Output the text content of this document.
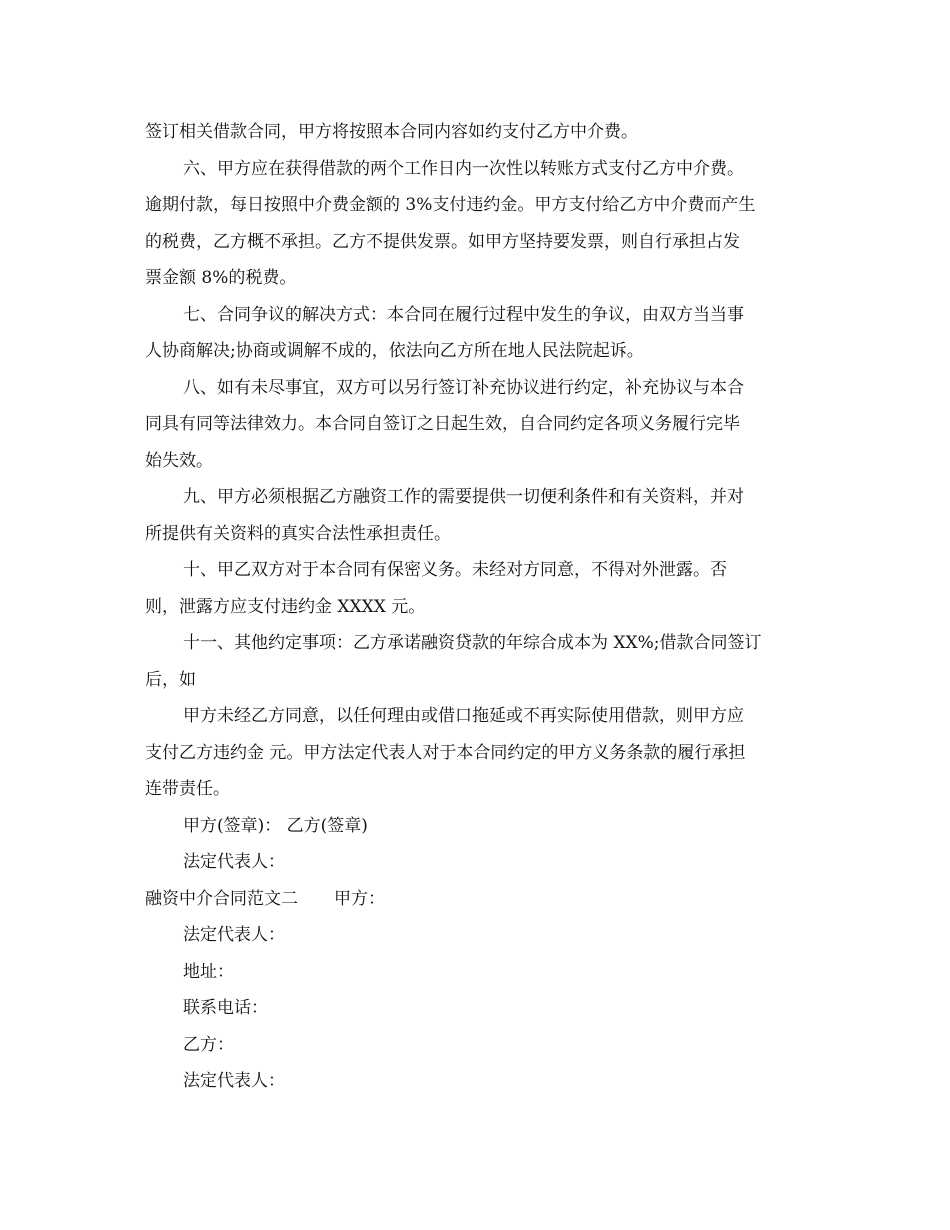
签订相关借款合同，甲方将按照本合同内容如约支付乙方中介费。
六、甲方应在获得借款的两个工作日内一次性以转账方式支付乙方中介费。
逾期付款，每日按照中介费金额的 3%支付违约金。甲方支付给乙方中介费而产生
的税费，乙方概不承担。乙方不提供发票。如甲方坚持要发票，则自行承担占发
票金额 8%的税费。
七、合同争议的解决方式：本合同在履行过程中发生的争议，由双方当当事
人协商解决;协商或调解不成的，依法向乙方所在地人民法院起诉。
八、如有未尽事宜，双方可以另行签订补充协议进行约定，补充协议与本合
同具有同等法律效力。本合同自签订之日起生效，自合同约定各项义务履行完毕
始失效。
九、甲方必须根据乙方融资工作的需要提供一切便利条件和有关资料，并对
所提供有关资料的真实合法性承担责任。
十、甲乙双方对于本合同有保密义务。未经对方同意，不得对外泄露。否
则，泄露方应支付违约金 XXXX 元。
十一、其他约定事项：乙方承诺融资贷款的年综合成本为 XX%;借款合同签订
后，如
甲方未经乙方同意，以任何理由或借口拖延或不再实际使用借款，则甲方应
支付乙方违约金 元。甲方法定代表人对于本合同约定的甲方义务条款的履行承担
连带责任。
甲方(签章)： 乙方(签章)
法定代表人：
融资中介合同范文二 甲方：
法定代表人：
地址：
联系电话：
乙方：
法定代表人：
